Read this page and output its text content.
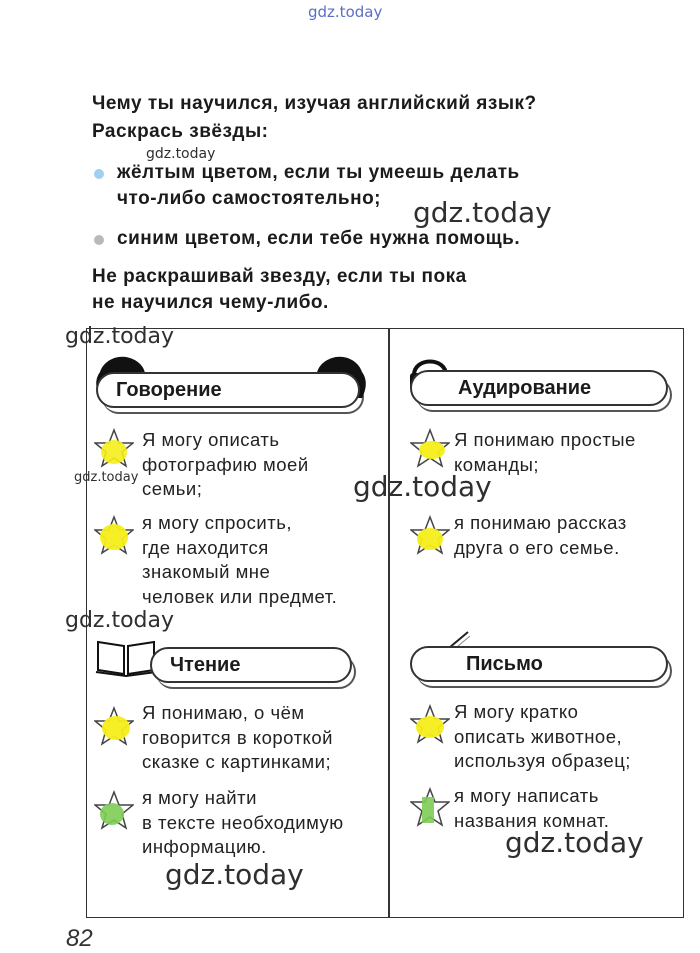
gdz.today
Чему ты научился, изучая английский язык?
Раскрась звёзды:
gdz.today
жёлтым цветом, если ты умеешь делать
что-либо самостоятельно; gdz.today
синим цветом, если тебе нужна помощь.
Не раскрашивай звезду, если ты пока
не научился чему-либо.
gdz.today
Говорение
Я могу описать
фотографию моей
семьи;
gdz.today
я могу спросить,
где находится
знакомый мне
человек или предмет.
Аудирование
Я понимаю простые
команды;
gdz.today
я понимаю рассказ
друга о его семье.
gdz.today
Чтение
Я понимаю, о чём
говорится в короткой
сказке с картинками;
я могу найти
в тексте необходимую
информацию.
Письмо
Я могу кратко
описать животное,
используя образец;
я могу написать
названия комнат.
gdz.today
gdz.today
82
